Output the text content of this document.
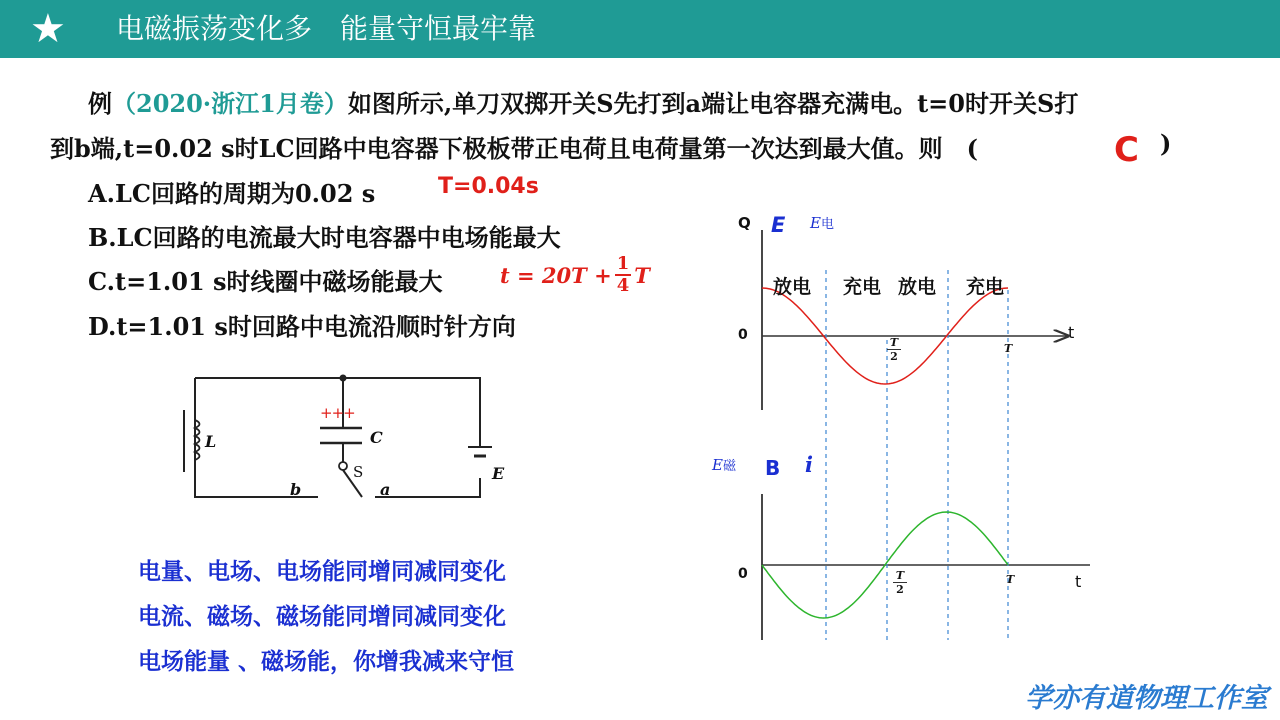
★ 电磁振荡变化多　能量守恒最牢靠
例（2020·浙江1月卷）如图所示,单刀双掷开关S先打到a端让电容器充满电。t=0时开关S打
到b端,t=0.02 s时LC回路中电容器下极板带正电荷且电荷量第一次达到最大值。则　(	C )
A.LC回路的周期为0.02 s	T=0.04s
B.LC回路的电流最大时电容器中电场能最大
C.t=1.01 s时线圈中磁场能最大	$t = 20T + \frac{1}{4}$ T
D.t=1.01 s时回路中电流沿顺时针方向
+++
L	C
S	E
b	a
Q E E电
0	t
$\frac{T}{2}$	T
放电 充电 放电 充电
E磁 B i
0	t
$\frac{T}{2}$	T
电量、电场、电场能同增同减同变化
电流、磁场、磁场能同增同减同变化
电场能量 、磁场能，你增我减来守恒
学亦有道物理工作室
